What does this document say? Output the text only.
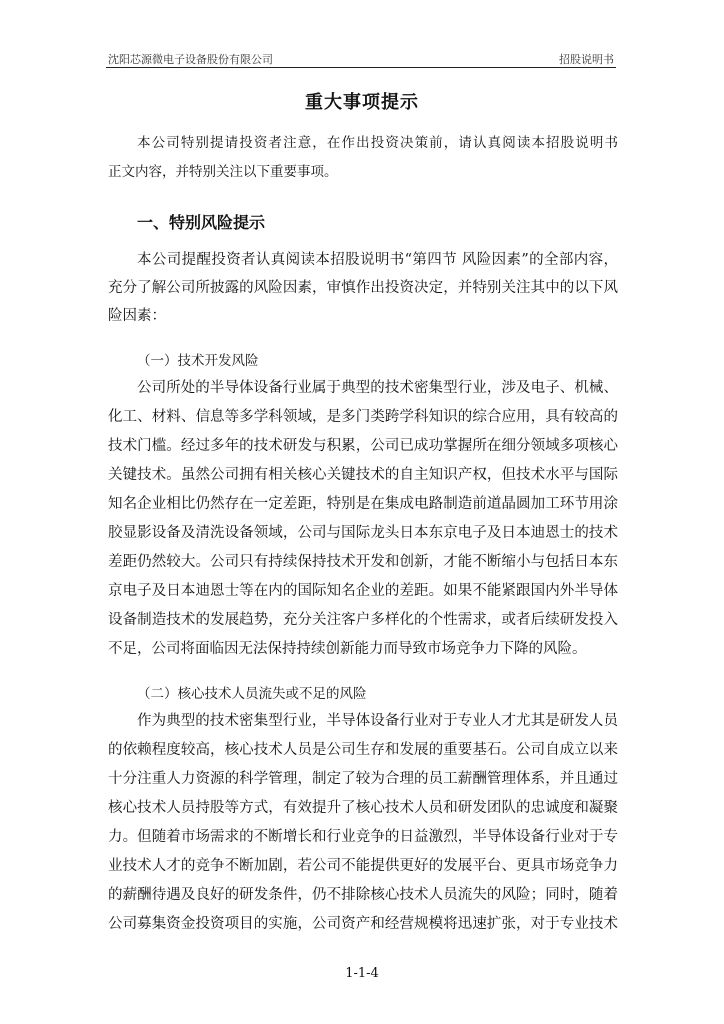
沈阳芯源微电子设备股份有限公司	招股说明书
重大事项提示
本公司特别提请投资者注意，在作出投资决策前，请认真阅读本招股说明书
正文内容，并特别关注以下重要事项。
一、特别风险提示
本公司提醒投资者认真阅读本招股说明书“第四节 风险因素”的全部内容，
充分了解公司所披露的风险因素，审慎作出投资决定，并特别关注其中的以下风
险因素：
（一）技术开发风险
公司所处的半导体设备行业属于典型的技术密集型行业，涉及电子、机械、
化工、材料、信息等多学科领域，是多门类跨学科知识的综合应用，具有较高的
技术门槛。经过多年的技术研发与积累，公司已成功掌握所在细分领域多项核心
关键技术。虽然公司拥有相关核心关键技术的自主知识产权，但技术水平与国际
知名企业相比仍然存在一定差距，特别是在集成电路制造前道晶圆加工环节用涂
胶显影设备及清洗设备领域，公司与国际龙头日本东京电子及日本迪恩士的技术
差距仍然较大。公司只有持续保持技术开发和创新，才能不断缩小与包括日本东
京电子及日本迪恩士等在内的国际知名企业的差距。如果不能紧跟国内外半导体
设备制造技术的发展趋势，充分关注客户多样化的个性需求，或者后续研发投入
不足，公司将面临因无法保持持续创新能力而导致市场竞争力下降的风险。
（二）核心技术人员流失或不足的风险
作为典型的技术密集型行业，半导体设备行业对于专业人才尤其是研发人员
的依赖程度较高，核心技术人员是公司生存和发展的重要基石。公司自成立以来
十分注重人力资源的科学管理，制定了较为合理的员工薪酬管理体系，并且通过
核心技术人员持股等方式，有效提升了核心技术人员和研发团队的忠诚度和凝聚
力。但随着市场需求的不断增长和行业竞争的日益激烈，半导体设备行业对于专
业技术人才的竞争不断加剧，若公司不能提供更好的发展平台、更具市场竞争力
的薪酬待遇及良好的研发条件，仍不排除核心技术人员流失的风险；同时，随着
公司募集资金投资项目的实施，公司资产和经营规模将迅速扩张，对于专业技术
1-1-4
